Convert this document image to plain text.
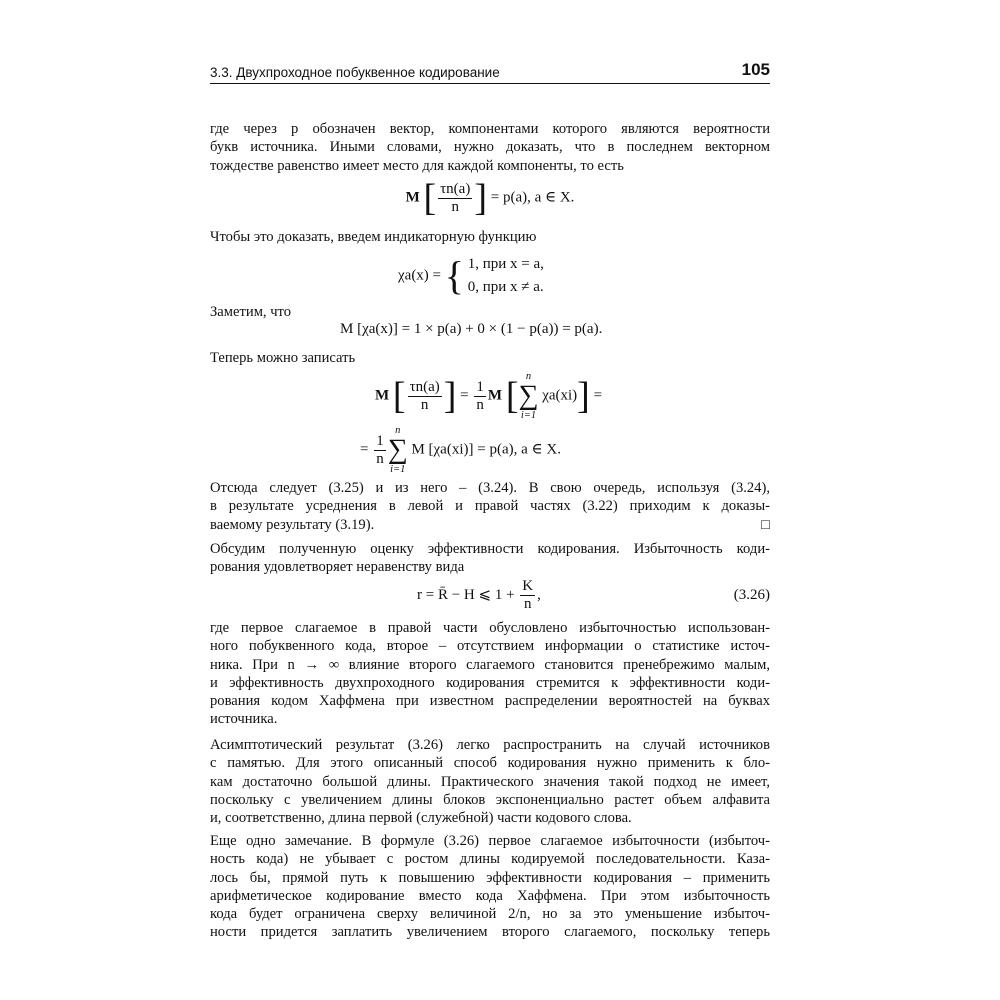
3.3. Двухпроходное побуквенное кодирование	105
где через p обозначен вектор, компонентами которого являются вероятности
букв источника. Иными словами, нужно доказать, что в последнем векторном
тождестве равенство имеет место для каждой компоненты, то есть
M [ $\frac{\tau n(a)}{n}$ ] = p(a), a ∈ X.
Чтобы это доказать, введем индикаторную функцию
χa(x) = { 1, при x = a,
0, при x ≠ a.
Заметим, что
M [χa(x)] = 1 × p(a) + 0 × (1 − p(a)) = p(a).
Теперь можно записать
M [ $\frac{\tau n(a)}{n}$ ] = $\frac{1}{n}$ M [ n
∑
i=1
χa(xi)] =
= $\frac{1}{n}$
n
∑
i=1
M [χa(xi)] = p(a), a ∈ X.
Отсюда следует (3.25) и из него – (3.24). В свою очередь, используя (3.24),
в результате усреднения в левой и правой частях (3.22) приходим к доказы-
ваемому результату (3.19).	□
Обсудим полученную оценку эффективности кодирования. Избыточность коди-
рования удовлетворяет неравенству вида
r = R̄ − H ⩽ $1 + \frac{K}{n}$ ,	(3.26)
где первое слагаемое в правой части обусловлено избыточностью использован-
ного побуквенного кода, второе – отсутствием информации о статистике источ-
ника. При n → ∞ влияние второго слагаемого становится пренебрежимо малым,
и эффективность двухпроходного кодирования стремится к эффективности коди-
рования кодом Хаффмена при известном распределении вероятностей на буквах
источника.
Асимптотический результат (3.26) легко распространить на случай источников
с памятью. Для этого описанный способ кодирования нужно применить к бло-
кам достаточно большой длины. Практического значения такой подход не имеет,
поскольку с увеличением длины блоков экспоненциально растет объем алфавита
и, соответственно, длина первой (служебной) части кодового слова.
Еще одно замечание. В формуле (3.26) первое слагаемое избыточности (избыточ-
ность кода) не убывает с ростом длины кодируемой последовательности. Каза-
лось бы, прямой путь к повышению эффективности кодирования – применить
арифметическое кодирование вместо кода Хаффмена. При этом избыточность
кода будет ограничена сверху величиной 2/n, но за это уменьшение избыточ-
ности придется заплатить увеличением второго слагаемого, поскольку теперь
